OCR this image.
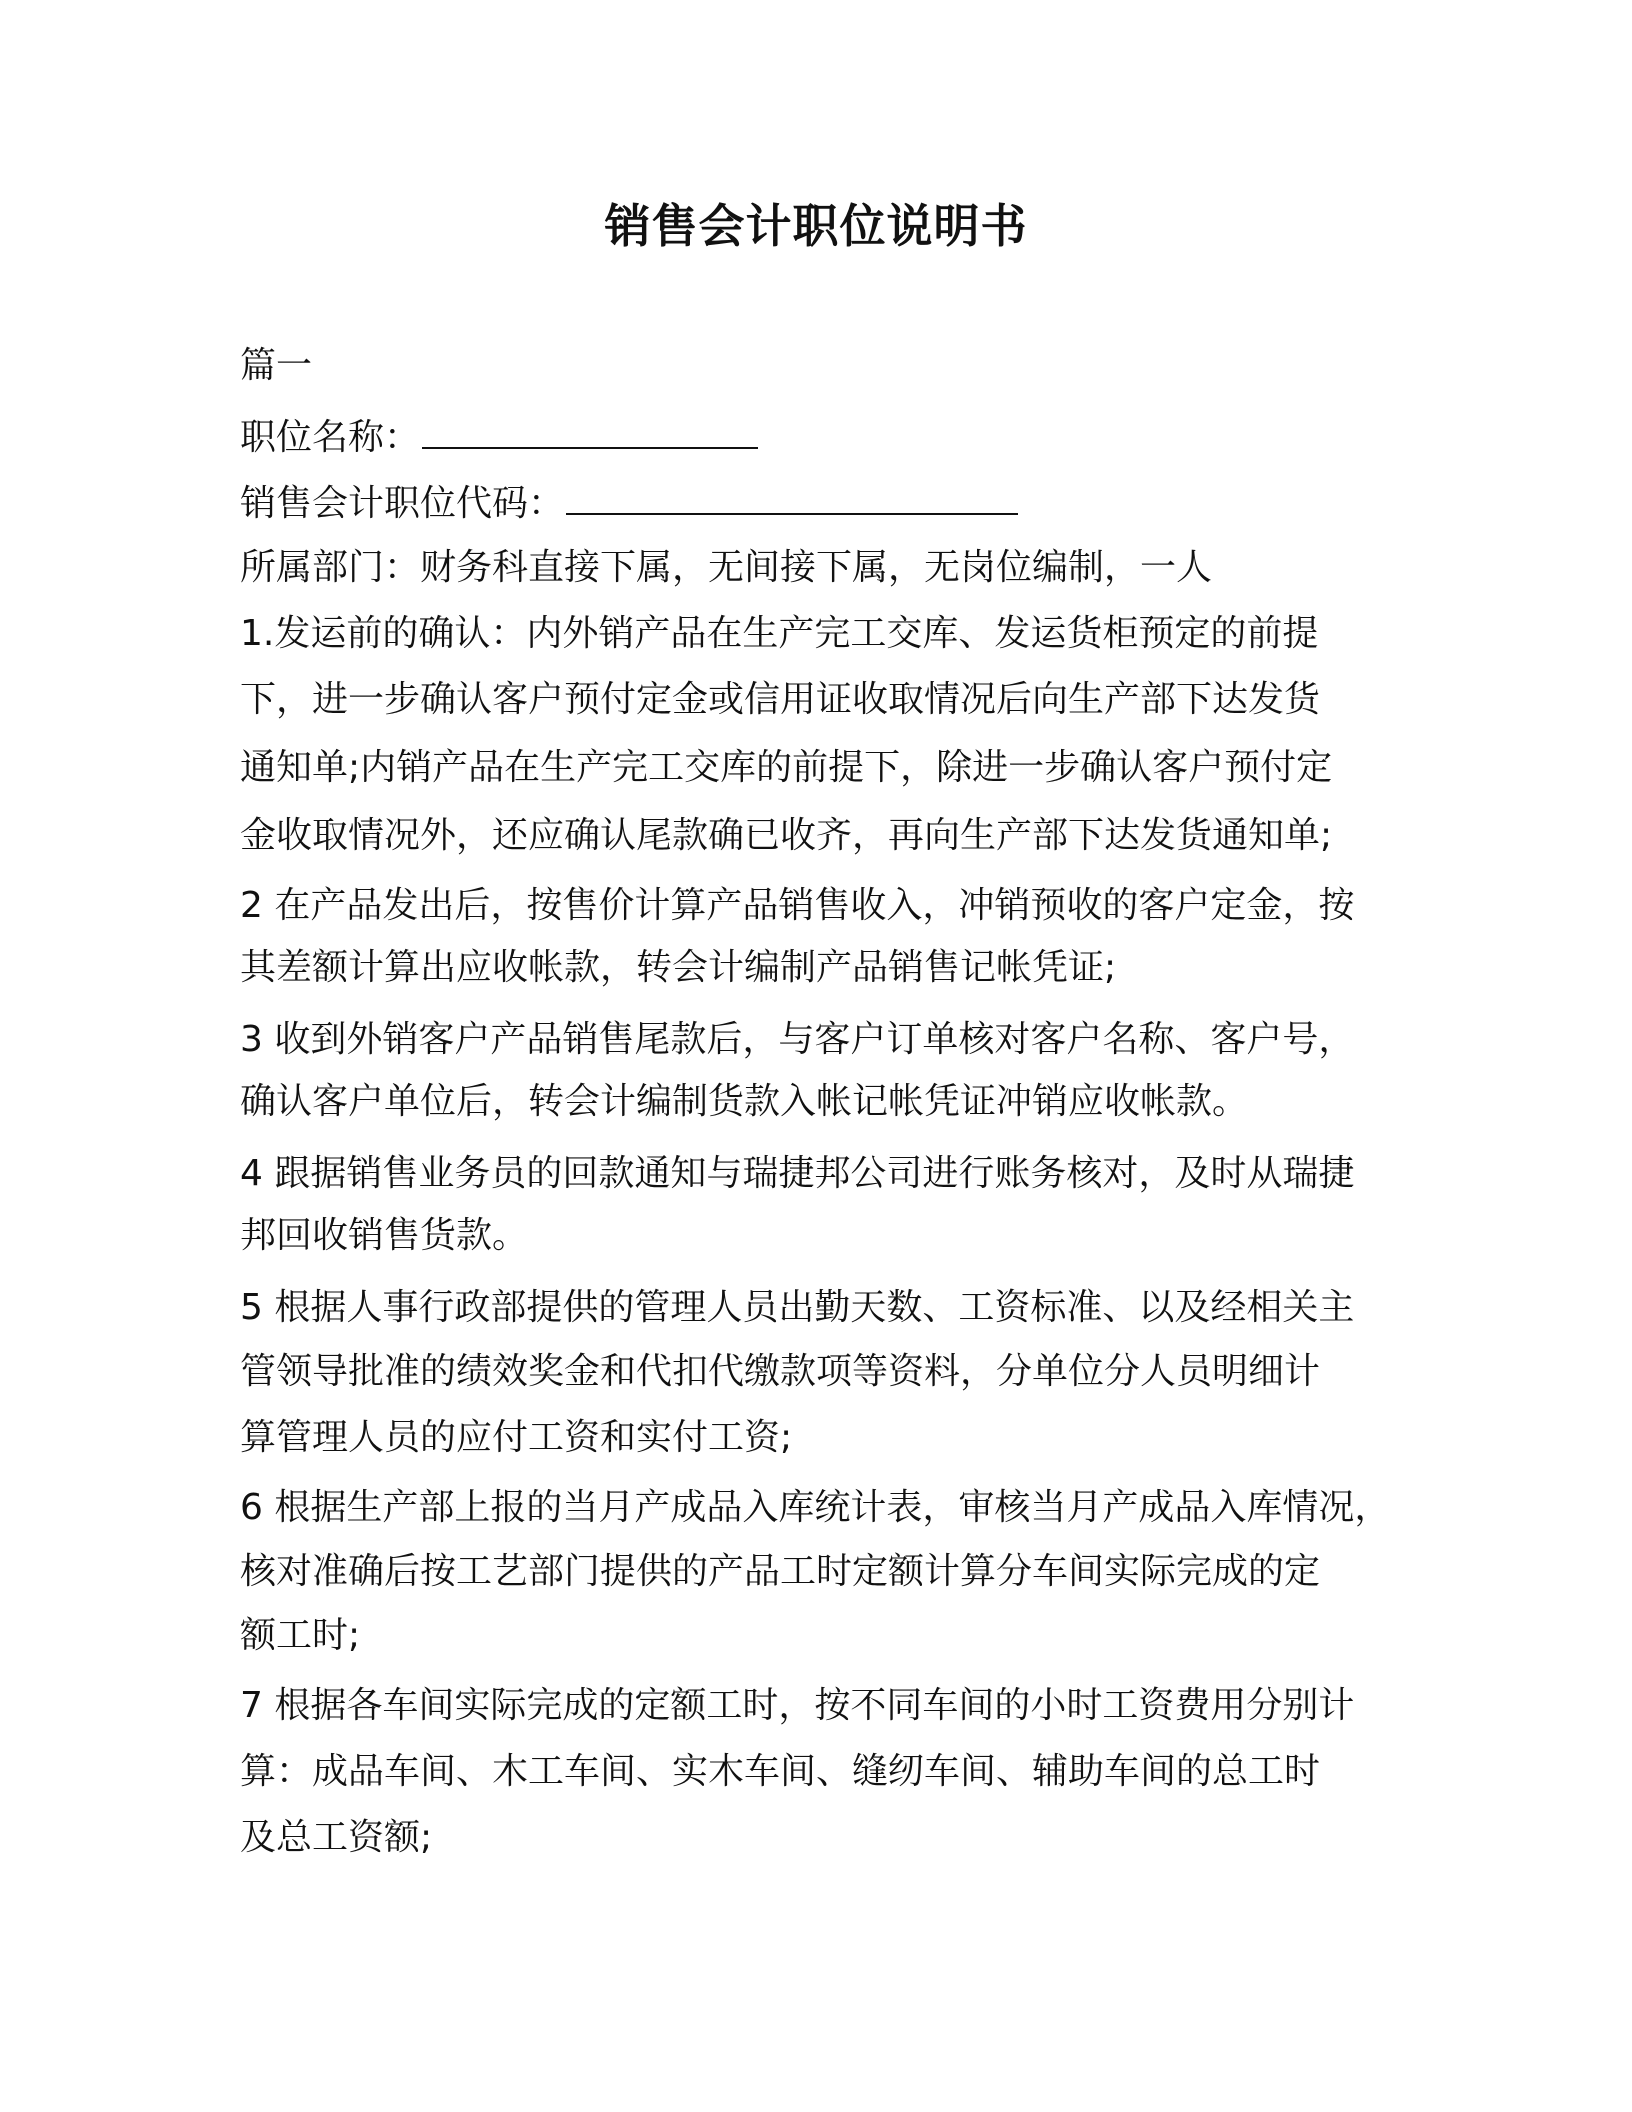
销售会计职位说明书
篇一
职位名称：
销售会计职位代码：
所属部门：财务科直接下属，无间接下属，无岗位编制，一人
1.发运前的确认：内外销产品在生产完工交库、发运货柜预定的前提
下，进一步确认客户预付定金或信用证收取情况后向生产部下达发货
通知单;内销产品在生产完工交库的前提下，除进一步确认客户预付定
金收取情况外，还应确认尾款确已收齐，再向生产部下达发货通知单;
2 在产品发出后，按售价计算产品销售收入，冲销预收的客户定金，按
其差额计算出应收帐款，转会计编制产品销售记帐凭证;
3 收到外销客户产品销售尾款后，与客户订单核对客户名称、客户号，
确认客户单位后，转会计编制货款入帐记帐凭证冲销应收帐款。
4 跟据销售业务员的回款通知与瑞捷邦公司进行账务核对，及时从瑞捷
邦回收销售货款。
5 根据人事行政部提供的管理人员出勤天数、工资标准、以及经相关主
管领导批准的绩效奖金和代扣代缴款项等资料，分单位分人员明细计
算管理人员的应付工资和实付工资;
6 根据生产部上报的当月产成品入库统计表，审核当月产成品入库情况，
核对准确后按工艺部门提供的产品工时定额计算分车间实际完成的定
额工时;
7 根据各车间实际完成的定额工时，按不同车间的小时工资费用分别计
算：成品车间、木工车间、实木车间、缝纫车间、辅助车间的总工时
及总工资额;
